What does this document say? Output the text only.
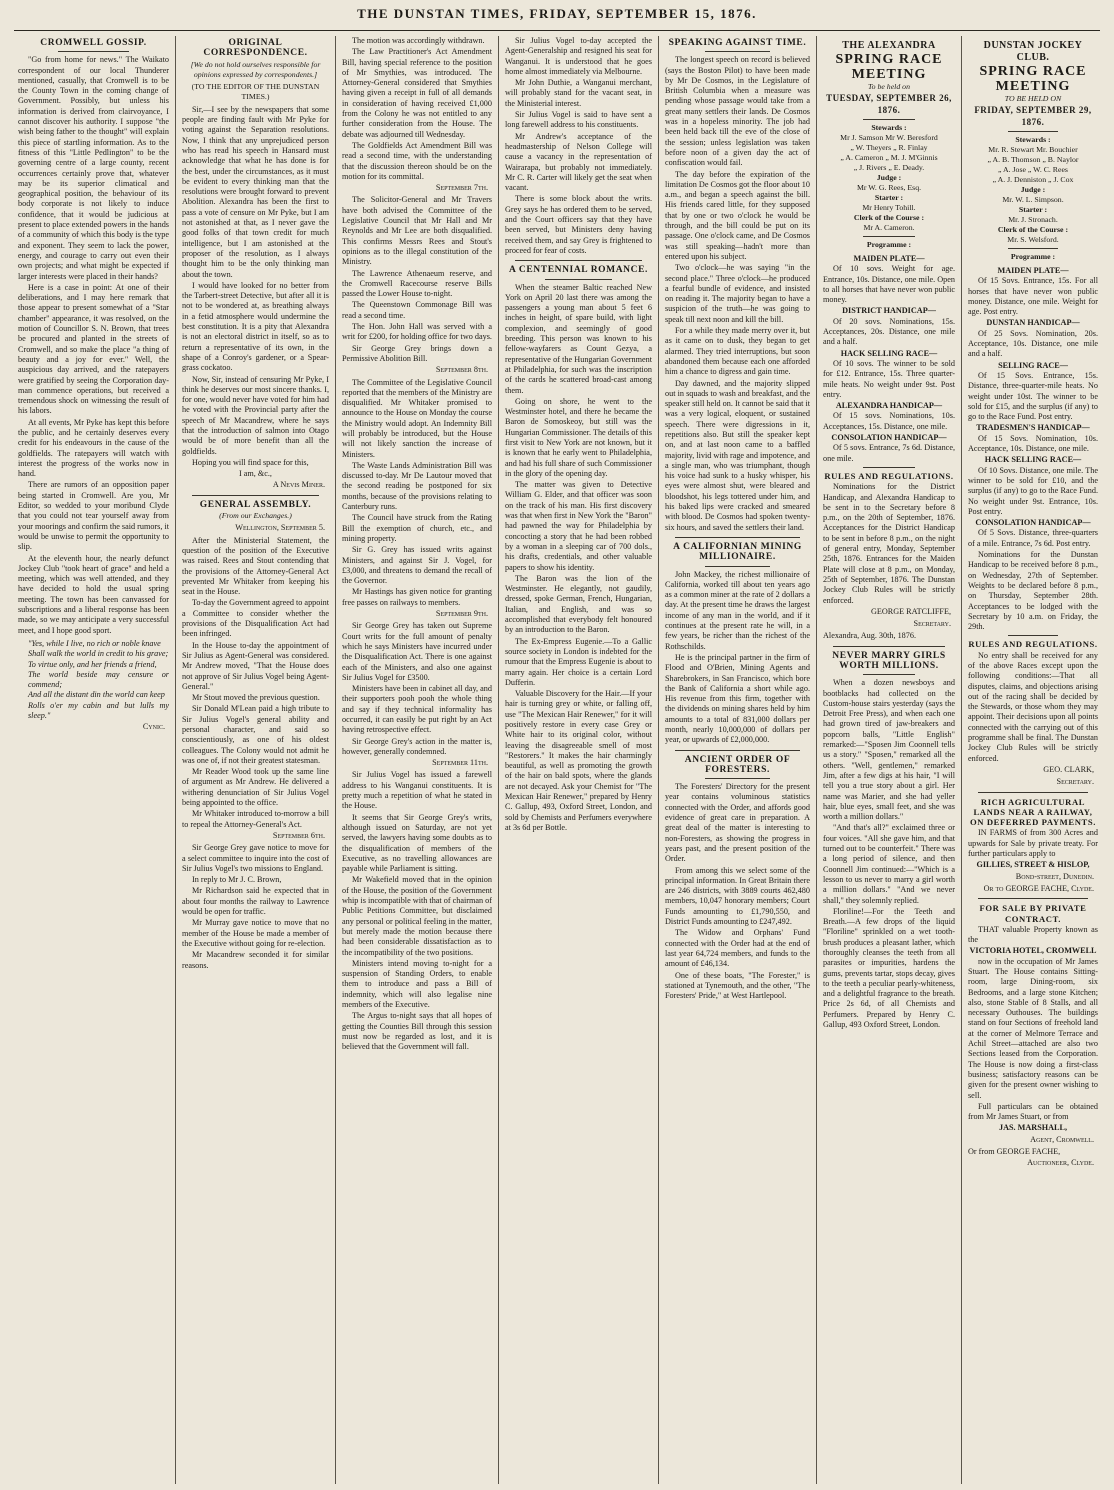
THE DUNSTAN TIMES, FRIDAY, SEPTEMBER 15, 1876.
CROMWELL GOSSIP.

"Go from home for news." The Waikato correspondent of our local Thunderer mentioned, casually, that Cromwell is to be the County Town in the coming change of Government. Possibly, but unless his information is derived from clairvoyance, I cannot discover his authority. I suppose "the wish being father to the thought" will explain this piece of startling information. As to the fitness of this "Little Pedlington" to be the governing centre of a large county, recent occurrences certainly prove that, whatever may be its superior climatical and geographical position, the behaviour of its body corporate is not likely to induce confidence, that it would be judicious at present to place extended powers in the hands of a community of which this body is the type and exponent. They seem to lack the power, energy, and courage to carry out even their own projects; and what might be expected if larger interests were placed in their hands?

Here is a case in point: At one of their deliberations, and I may here remark that those appear to present somewhat of a "Star chamber" appearance, it was resolved, on the motion of Councillor S. N. Brown, that trees be procured and planted in the streets of Cromwell, and so make the place "a thing of beauty and a joy for ever." Well, the auspicious day arrived, and the ratepayers were gratified by seeing the Corporation day-man commence operations, but received a tremendous shock on witnessing the result of his labors.

At all events, Mr Pyke has kept this before the public, and he certainly deserves every credit for his endeavours in the cause of the goldfields. The ratepayers will watch with interest the progress of the works now in hand.

There are rumors of an opposition paper being started in Cromwell. Are you, Mr Editor, so wedded to your moribund Clyde that you could not tear yourself away from your moorings and confirm the said rumors, it would be unwise to permit the opportunity to slip.

At the eleventh hour, the nearly defunct Jockey Club "took heart of grace" and held a meeting, which was well attended, and they have decided to hold the usual spring meeting. The town has been canvassed for subscriptions and a liberal response has been made, so we may anticipate a very successful meet, and I hope good sport.

"Yes, while I live, no rich or noble knave
Shall walk the world in credit to his grave;
To virtue only, and her friends a friend,
The world beside may censure or commend;
And all the distant din the world can keep
Rolls o'er my cabin and but lulls my sleep."
Cynic.
ORIGINAL CORRESPONDENCE.
[We do not hold ourselves responsible for opinions expressed by correspondents.]
(TO THE EDITOR OF THE DUNSTAN TIMES.)

Sir,—I see by the newspapers that some people are finding fault with Mr Pyke for voting against the Separation resolutions. Now, I think that any unprejudiced person who has read his speech in Hansard must acknowledge that what he has done is for the best, under the circumstances, as it must be evident to every thinking man that the resolutions were brought forward to prevent Abolition. Alexandra has been the first to pass a vote of censure on Mr Pyke, but I am not astonished at that, as I never gave the good folks of that town credit for much intelligence, but I am astonished at the proposer of the resolution, as I always thought him to be the only thinking man about the town.

I would have looked for no better from the Tarbert-street Detective, but after all it is not to be wondered at, as breathing always in a fetid atmosphere would undermine the best constitution. It is a pity that Alexandra is not an electoral district in itself, so as to return a representative of its own, in the shape of a Conroy's gardener, or a Spear-grass cockatoo.

Now, Sir, instead of censuring Mr Pyke, I think he deserves our most sincere thanks. I, for one, would never have voted for him had he voted with the Provincial party after the speech of Mr Macandrew, where he says that the introduction of salmon into Otago would be of more benefit than all the goldfields.

Hoping you will find space for this,

I am, &c.,

A Nevis Miner.
GENERAL ASSEMBLY.
(From our Exchanges.)
Wellington, September 5.

After the Ministerial Statement, the question of the position of the Executive was raised. Rees and Stout contending that the provisions of the Attorney-General Act prevented Mr Whitaker from keeping his seat in the House.

To-day the Government agreed to appoint a Committee to consider whether the provisions of the Disqualification Act had been infringed.

In the House to-day the appointment of Sir Julius as Agent-General was considered. Mr Andrew moved, "That the House does not approve of Sir Julius Vogel being Agent-General."

Mr Stout moved the previous question.

Sir Donald M'Lean paid a high tribute to Sir Julius Vogel's general ability and personal character, and said so conscientiously, as one of his oldest colleagues. The Colony would not admit he was one of, if not their greatest statesman.

Mr Reader Wood took up the same line of argument as Mr Andrew. He delivered a withering denunciation of Sir Julius Vogel being appointed to the office.

Mr Whitaker introduced to-morrow a bill to repeal the Attorney-General's Act.

September 6th.

Sir George Grey gave notice to move for a select committee to inquire into the cost of Sir Julius Vogel's two missions to England.

In reply to Mr J. C. Brown,

Mr Richardson said he expected that in about four months the railway to Lawrence would be open for traffic.

Mr Murray gave notice to move that no member of the House be made a member of the Executive without going for re-election.

Mr Macandrew seconded it for similar reasons.

The motion was accordingly withdrawn.

The Law Practitioner's Act Amendment Bill, having special reference to the position of Mr Smythies, was introduced. The Attorney-General considered that Smythies having given a receipt in full of all demands in consideration of having received £1,000 from the Colony he was not entitled to any further consideration from the House. The debate was adjourned till Wednesday.

The Goldfields Act Amendment Bill was read a second time, with the understanding that the discussion thereon should be on the motion for its committal.

September 7th.

The Solicitor-General and Mr Travers have both advised the Committee of the Legislative Council that Mr Hall and Mr Reynolds and Mr Lee are both disqualified. This confirms Messrs Rees and Stout's opinions as to the illegal constitution of the Ministry.

The Lawrence Athenaeum reserve, and the Cromwell Racecourse reserve Bills passed the Lower House to-night.

The Queenstown Commonage Bill was read a second time.

The Hon. John Hall was served with a writ for £200, for holding office for two days.

Sir George Grey brings down a Permissive Abolition Bill.

September 8th.

The Committee of the Legislative Council reported that the members of the Ministry are disqualified. Mr Whitaker promised to announce to the House on Monday the course the Ministry would adopt. An Indemnity Bill will probably be introduced, but the House will not likely sanction the increase of Ministers.

The Waste Lands Administration Bill was discussed to-day. Mr De Lautour moved that the second reading be postponed for six months, because of the provisions relating to Canterbury runs.

The Council have struck from the Rating Bill the exemption of church, etc., and mining property.

Sir G. Grey has issued writs against Ministers, and against Sir J. Vogel, for £3,000, and threatens to demand the recall of the Governor.

Mr Hastings has given notice for granting free passes on railways to members.

September 9th.

Sir George Grey has taken out Supreme Court writs for the full amount of penalty which he says Ministers have incurred under the Disqualification Act. There is one against each of the Ministers, and also one against Sir Julius Vogel for £3500.

Ministers have been in cabinet all day, and their supporters pooh pooh the whole thing and say if they technical informality has occurred, it can easily be put right by an Act having retrospective effect.

Sir George Grey's action in the matter is, however, generally condemned.

September 11th.

Sir Julius Vogel has issued a farewell address to his Wanganui constituents. It is pretty much a repetition of what he stated in the House.

It seems that Sir George Grey's writs, although issued on Saturday, are not yet served, the lawyers having some doubts as to the disqualification of members of the Executive, as no travelling allowances are payable while Parliament is sitting.

Mr Wakefield moved that in the opinion of the House, the position of the Government whip is incompatible with that of chairman of Public Petitions Committee, but disclaimed any personal or political feeling in the matter, but merely made the motion because there had been considerable dissatisfaction as to the incompatibility of the two positions.

Ministers intend moving to-night for a suspension of Standing Orders, to enable them to introduce and pass a Bill of indemnity, which will also legalise nine members of the Executive.

The Argus to-night says that all hopes of getting the Counties Bill through this session must now be regarded as lost, and it is believed that the Government will fall.

Sir Julius Vogel to-day accepted the Agent-Generalship and resigned his seat for Wanganui. It is understood that he goes home almost immediately via Melbourne.

Mr John Duthie, a Wanganui merchant, will probably stand for the vacant seat, in the Ministerial interest.

Sir Julius Vogel is said to have sent a long farewell address to his constituents.

Mr Andrew's acceptance of the headmastership of Nelson College will cause a vacancy in the representation of Wairarapa, but probably not immediately. Mr C. R. Carter will likely get the seat when vacant.

There is some block about the writs. Grey says he has ordered them to be served, and the Court officers say that they have been served, but Ministers deny having received them, and say Grey is frightened to proceed for fear of costs.

A CENTENNIAL ROMANCE.

When the steamer Baltic reached New York on April 20 last there was among the passengers a young man about 5 feet 6 inches in height, of spare build, with light complexion, and seemingly of good breeding. This person was known to his fellow-wayfarers as Count Gezya, a representative of the Hungarian Government at Philadelphia, for such was the inscription of the cards he scattered broad-cast among them.

Going on shore, he went to the Westminster hotel, and there he became the Baron de Somoskeoy, but still was the Hungarian Commissioner. The details of this first visit to New York are not known, but it is known that he early went to Philadelphia, and had his full share of such Commissioner in the glory of the opening day.

The matter was given to Detective William G. Elder, and that officer was soon on the track of his man. His first discovery was that when first in New York the "Baron" had pawned the way for Philadelphia by concocting a story that he had been robbed by a woman in a sleeping car of 700 dols., his drafts, credentials, and other valuable papers to show his identity.

The Baron was the lion of the Westminster. He elegantly, not gaudily, dressed, spoke German, French, Hungarian, Italian, and English, and was so accomplished that everybody felt honoured by an introduction to the Baron.

The Ex-Empress Eugenie.—To a Gallic source society in London is indebted for the rumour that the Empress Eugenie is about to marry again. Her choice is a certain Lord Dufferin.

Valuable Discovery for the Hair.—If your hair is turning grey or white, or falling off, use "The Mexican Hair Renewer," for it will positively restore in every case Grey or White hair to its original color, without leaving the disagreeable smell of most "Restorers." It makes the hair charmingly beautiful, as well as promoting the growth of the hair on bald spots, where the glands are not decayed. Ask your Chemist for "The Mexican Hair Renewer," prepared by Henry C. Gallup, 493, Oxford Street, London, and sold by Chemists and Perfumers everywhere at 3s 6d per Bottle.

SPEAKING AGAINST TIME.

The longest speech on record is believed (says the Boston Pilot) to have been made by Mr De Cosmos, in the Legislature of British Columbia when a measure was pending whose passage would take from a great many settlers their lands. De Cosmos was in a hopeless minority. The job had been held back till the eve of the close of the session; unless legislation was taken before noon of a given day the act of confiscation would fail.

The day before the expiration of the limitation De Cosmos got the floor about 10 a.m., and began a speech against the bill. His friends cared little, for they supposed that by one or two o'clock he would be through, and the bill could be put on its passage. One o'clock came, and De Cosmos was still speaking—hadn't more than entered upon his subject.

Two o'clock—he was saying "in the second place." Three o'clock—he produced a fearful bundle of evidence, and insisted on reading it. The majority began to have a suspicion of the truth—he was going to speak till next noon and kill the bill.

For a while they made merry over it, but as it came on to dusk, they began to get alarmed. They tried interruptions, but soon abandoned them because each one afforded him a chance to digress and gain time.

Day dawned, and the majority slipped out in squads to wash and breakfast, and the speaker still held on. It cannot be said that it was a very logical, eloquent, or sustained speech. There were digressions in it, repetitions also. But still the speaker kept on, and at last noon came to a baffled majority, livid with rage and impotence, and a single man, who was triumphant, though his voice had sunk to a husky whisper, his eyes were almost shut, were bleared and bloodshot, his legs tottered under him, and his baked lips were cracked and smeared with blood. De Cosmos had spoken twenty-six hours, and saved the settlers their land.

A CALIFORNIAN MINING MILLIONAIRE.

John Mackey, the richest millionaire of California, worked till about ten years ago as a common miner at the rate of 2 dollars a day. At the present time he draws the largest income of any man in the world, and if it continues at the present rate he will, in a few years, be richer than the richest of the Rothschilds.

He is the principal partner in the firm of Flood and O'Brien, Mining Agents and Sharebrokers, in San Francisco, which bore the Bank of California a short while ago. His revenue from this firm, together with the dividends on mining shares held by him amounts to a total of 831,000 dollars per month, nearly 10,000,000 of dollars per year, or upwards of £2,000,000.

ANCIENT ORDER OF FORESTERS.

The Foresters' Directory for the present year contains voluminous statistics connected with the Order, and affords good evidence of great care in preparation. A great deal of the matter is interesting to non-Foresters, as showing the progress in years past, and the present position of the Order.

From among this we select some of the principal information. In Great Britain there are 246 districts, with 3889 courts 462,480 members, 10,047 honorary members; Court Funds amounting to £1,790,550, and District Funds amounting to £247,492.

The Widow and Orphans' Fund connected with the Order had at the end of last year 64,724 members, and funds to the amount of £46,134.

One of these boats, "The Forester," is stationed at Tynemouth, and the other, "The Foresters' Pride," at West Hartlepool.

THE ALEXANDRA
SPRING RACE MEETING
To be held on
TUESDAY, SEPTEMBER 26, 1876.
Stewards :
Mr J. Samson Mr W. Beresford
„ W. Theyers „ R. Finlay
„ A. Cameron „ M. J. M'Ginnis
„ J. Rivers „ E. Deady.
Judge :
Mr W. G. Rees, Esq.
Starter :
Mr Henry Tohill.
Clerk of the Course :
Mr A. Cameron.
Programme :
MAIDEN PLATE—

Of 10 sovs. Weight for age. Entrance, 10s. Distance, one mile. Open to all horses that have never won public money.

DISTRICT HANDICAP—

Of 20 sovs. Nominations, 15s. Acceptances, 20s. Distance, one mile and a half.

HACK SELLING RACE—

Of 10 sovs. The winner to be sold for £12. Entrance, 15s. Three quarter-mile heats. No weight under 9st. Post entry.

ALEXANDRA HANDICAP—

Of 15 sovs. Nominations, 10s. Acceptances, 15s. Distance, one mile.

CONSOLATION HANDICAP—

Of 5 sovs. Entrance, 7s 6d. Distance, one mile.

RULES AND REGULATIONS.

Nominations for the District Handicap, and Alexandra Handicap to be sent in to the Secretary before 8 p.m., on the 20th of September, 1876. Acceptances for the District Handicap to be sent in before 8 p.m., on the night of general entry, Monday, September 25th, 1876. Entrances for the Maiden Plate will close at 8 p.m., on Monday, 25th of September, 1876. The Dunstan Jockey Club Rules will be strictly enforced.

GEORGE RATCLIFFE,
Secretary.
Alexandra, Aug. 30th, 1876.
NEVER MARRY GIRLS WORTH MILLIONS.

When a dozen newsboys and bootblacks had collected on the Custom-house stairs yesterday (says the Detroit Free Press), and when each one had grown tired of jaw-breakers and popcorn balls, "Little English" remarked:—"Sposen Jim Coonnell tells us a story." "Sposen," remarked all the others. "Well, gentlemen," remarked Jim, after a few digs at his hair, "I will tell you a true story about a girl. Her name was Marier, and she had yeller hair, blue eyes, small feet, and she was worth a million dollars."

"And that's all?" exclaimed three or four voices. "All she gave him, and that turned out to be counterfeit." There was a long period of silence, and then Coonnell Jim continued:—"Which is a lesson to us never to marry a girl worth a million dollars." "And we never shall," they solemnly replied.

Floriline!—For the Teeth and Breath.—A few drops of the liquid "Floriline" sprinkled on a wet tooth-brush produces a pleasant lather, which thoroughly cleanses the teeth from all parasites or impurities, hardens the gums, prevents tartar, stops decay, gives to the teeth a peculiar pearly-whiteness, and a delightful fragrance to the breath. Price 2s 6d, of all Chemists and Perfumers. Prepared by Henry C. Gallup, 493 Oxford Street, London.

DUNSTAN JOCKEY CLUB.
SPRING RACE MEETING
TO BE HELD ON
FRIDAY, SEPTEMBER 29, 1876.
Stewards :
Mr. R. Stewart Mr. Bouchier
„ A. B. Thomson „ B. Naylor
„ A. Jose „ W. C. Rees
„ A. J. Denniston „ J. Cox
Judge :
Mr. W. L. Simpson.
Starter :
Mr. J. Stronach.
Clerk of the Course :
Mr. S. Welsford.
Programme :
MAIDEN PLATE—

Of 15 Sovs. Entrance, 15s. For all horses that have never won public money. Distance, one mile. Weight for age. Post entry.

DUNSTAN HANDICAP—

Of 25 Sovs. Nomination, 20s. Acceptance, 10s. Distance, one mile and a half.

SELLING RACE—

Of 15 Sovs. Entrance, 15s. Distance, three-quarter-mile heats. No weight under 10st. The winner to be sold for £15, and the surplus (if any) to go to the Race Fund. Post entry.

TRADESMEN'S HANDICAP—

Of 15 Sovs. Nomination, 10s. Acceptance, 10s. Distance, one mile.

HACK SELLING RACE—

Of 10 Sovs. Distance, one mile. The winner to be sold for £10, and the surplus (if any) to go to the Race Fund. No weight under 9st. Entrance, 10s. Post entry.

CONSOLATION HANDICAP—

Of 5 Sovs. Distance, three-quarters of a mile. Entrance, 7s 6d. Post entry.

Nominations for the Dunstan Handicap to be received before 8 p.m., on Wednesday, 27th of September. Weights to be declared before 8 p.m., on Thursday, September 28th. Acceptances to be lodged with the Secretary by 10 a.m. on Friday, the 29th.

RULES AND REGULATIONS.

No entry shall be received for any of the above Races except upon the following conditions:—That all disputes, claims, and objections arising out of the racing shall be decided by the Stewards, or those whom they may appoint. Their decisions upon all points connected with the carrying out of this programme shall be final. The Dunstan Jockey Club Rules will be strictly enforced.

GEO. CLARK,
Secretary.
RICH AGRICULTURAL LANDS NEAR A RAILWAY, ON DEFERRED PAYMENTS.

IN FARMS of from 300 Acres and upwards for Sale by private treaty. For further particulars apply to

GILLIES, STREET & HISLOP,
Bond-street, Dunedin.
Or to GEORGE FACHE, Clyde.
FOR SALE BY PRIVATE CONTRACT.

THAT valuable Property known as the

VICTORIA HOTEL, CROMWELL

now in the occupation of Mr James Stuart. The House contains Sitting-room, large Dining-room, six Bedrooms, and a large stone Kitchen; also, stone Stable of 8 Stalls, and all necessary Outhouses. The buildings stand on four Sections of freehold land at the corner of Melmore Terrace and Achil Street—attached are also two Sections leased from the Corporation. The House is now doing a first-class business; satisfactory reasons can be given for the present owner wishing to sell.

Full particulars can be obtained from Mr James Stuart, or from

JAS. MARSHALL,
Agent, Cromwell.
Or from GEORGE FACHE,
Auctioneer, Clyde.
